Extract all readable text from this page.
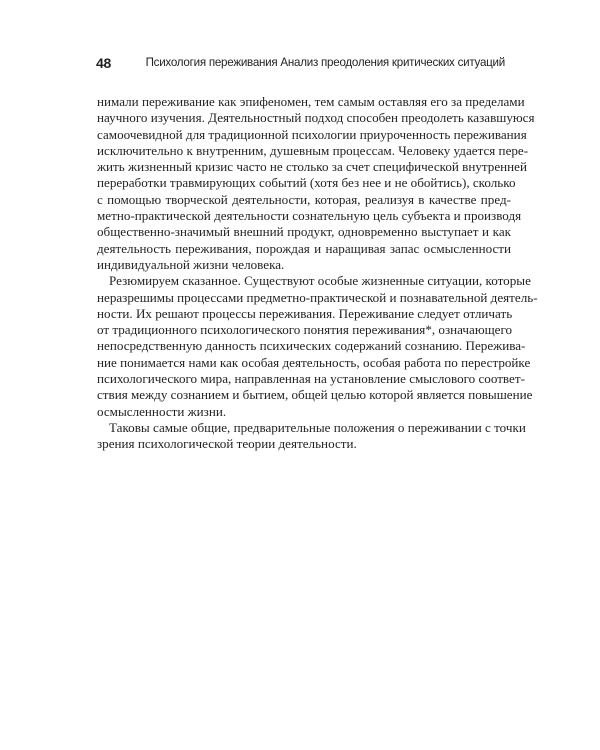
48	Психология переживания Анализ преодоления критических ситуаций

нимали переживание как эпифеномен, тем самым оставляя его за пределами
научного изучения. Деятельностный подход способен преодолеть казавшуюся
самоочевидной для традиционной психологии приуроченность переживания
исключительно к внутренним, душевным процессам. Человеку удается пере-
жить жизненный кризис часто не столько за счет специфической внутренней
переработки травмирующих событий (хотя без нее и не обойтись), сколько
с помощью творческой деятельности, которая, реализуя в качестве пред-
метно-практической деятельности сознательную цель субъекта и производя
общественно-значимый внешний продукт, одновременно выступает и как
деятельность переживания, порождая и наращивая запас осмысленности
индивидуальной жизни человека.

Резюмируем сказанное. Существуют особые жизненные ситуации, которые
неразрешимы процессами предметно-практической и познавательной деятель-
ности. Их решают процессы переживания. Переживание следует отличать
от традиционного психологического понятия переживания*, означающего
непосредственную данность психических содержаний сознанию. Пережива-
ние понимается нами как особая деятельность, особая работа по перестройке
психологического мира, направленная на установление смыслового соответ-
ствия между сознанием и бытием, общей целью которой является повышение
осмысленности жизни.

Таковы самые общие, предварительные положения о переживании с точки
зрения психологической теории деятельности.
